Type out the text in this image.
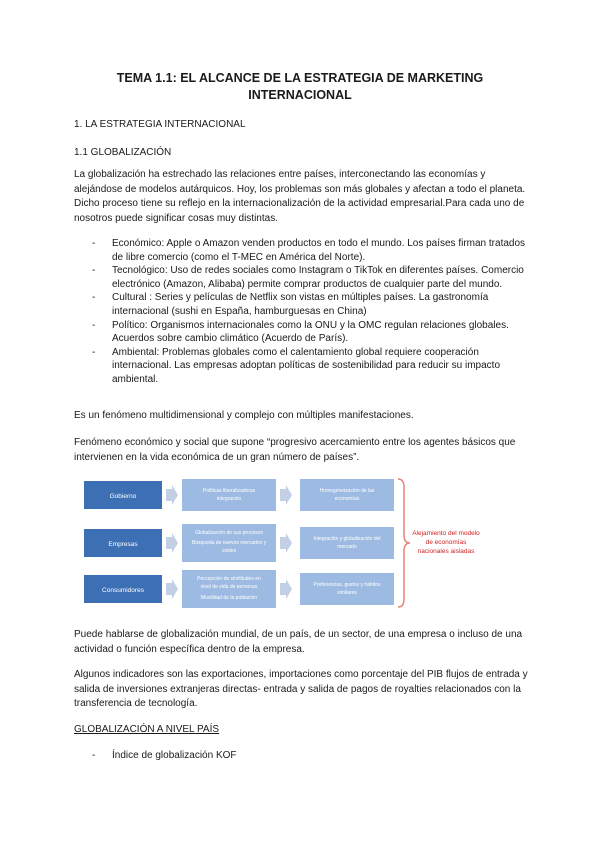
TEMA 1.1: EL ALCANCE DE LA ESTRATEGIA DE MARKETING
INTERNACIONAL

1. LA ESTRATEGIA INTERNACIONAL

1.1 GLOBALIZACIÓN

La globalización ha estrechado las relaciones entre países, interconectando las economías y alejándose de modelos autárquicos. Hoy, los problemas son más globales y afectan a todo el planeta. Dicho proceso tiene su reflejo en la internacionalización de la actividad empresarial.Para cada uno de nosotros puede significar cosas muy distintas.

- Económico: Apple o Amazon venden productos en todo el mundo. Los países firman tratados de libre comercio (como el T-MEC en América del Norte).
- Tecnológico: Uso de redes sociales como Instagram o TikTok en diferentes países. Comercio electrónico (Amazon, Alibaba) permite comprar productos de cualquier parte del mundo.
- Cultural : Series y películas de Netflix son vistas en múltiples países. La gastronomía internacional (sushi en España, hamburguesas en China)
- Político: Organismos internacionales como la ONU y la OMC regulan relaciones globales. Acuerdos sobre cambio climático (Acuerdo de París).
- Ambiental: Problemas globales como el calentamiento global requiere cooperación internacional. Las empresas adoptan políticas de sostenibilidad para reducir su impacto ambiental.

Es un fenómeno multidimensional y complejo con múltiples manifestaciones.

Fenómeno económico y social que supone “progresivo acercamiento entre los agentes básicos que intervienen en la vida económica de un gran número de países”.

Gobierno
Políticas liberalizadoras
integración
Homogeneización de las
economías
Empresas
Globalización de sus procesos
Búsqueda de nuevos mercados y
costes
Integración y globalización del
mercado
Consumidores
Percepción de similitudes en
nivel de vida de personas
Movilidad de la población
Preferencias, gustos y hábitos
similares
Alejamiento del modelo
de economías
nacionales aisladas

Puede hablarse de globalización mundial, de un país, de un sector, de una empresa o incluso de una actividad o función específica dentro de la empresa.

Algunos indicadores son las exportaciones, importaciones como porcentaje del PIB flujos de entrada y salida de inversiones extranjeras directas- entrada y salida de pagos de royalties relacionados con la transferencia de tecnología.

GLOBALIZACIÓN A NIVEL PAÍS

- Índice de globalización KOF
